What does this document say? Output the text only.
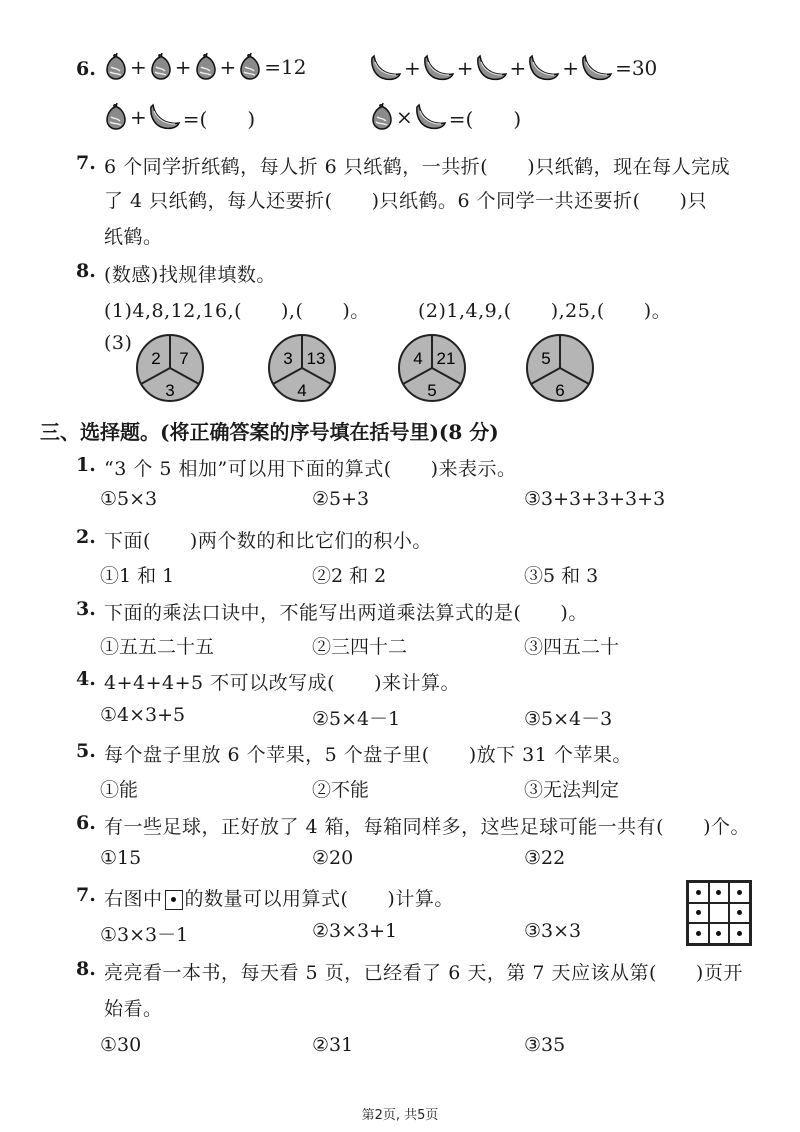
6. + + + =12	+ + + + =30
+ =(　　)	× =(　　)
7. 6 个同学折纸鹤，每人折 6 只纸鹤，一共折(　　)只纸鹤，现在每人完成
了 4 只纸鹤，每人还要折(　　)只纸鹤。6 个同学一共还要折(　　)只
纸鹤。
8. (数感)找规律填数。
(1)4,8,12,16,(　　),(　　)。	(2)1,4,9,(　　),25,(　　)。
(3)
2 7
3
3 13
4
4 21
5
5
6
三、选择题。(将正确答案的序号填在括号里)(8 分)
1. “3 个 5 相加”可以用下面的算式(　　)来表示。
①5×3	②5+3	③3+3+3+3+3
2. 下面(　　)两个数的和比它们的积小。
①1 和 1	②2 和 2	③5 和 3
3. 下面的乘法口诀中，不能写出两道乘法算式的是(　　)。
①五五二十五	②三四十二	③四五二十
4. 4+4+4+5 不可以改写成(　　)来计算。
①4×3+5	②5×4－1	③5×4－3
5. 每个盘子里放 6 个苹果，5 个盘子里(　　)放下 31 个苹果。
①能	②不能	③无法判定
6. 有一些足球，正好放了 4 箱，每箱同样多，这些足球可能一共有(　　)个。
①15	②20	③22
7. 右图中 的数量可以用算式(　　)计算。
①3×3－1	②3×3+1	③3×3
8. 亮亮看一本书，每天看 5 页，已经看了 6 天，第 7 天应该从第(　　)页开
始看。
①30	②31	③35
第2页, 共5页
